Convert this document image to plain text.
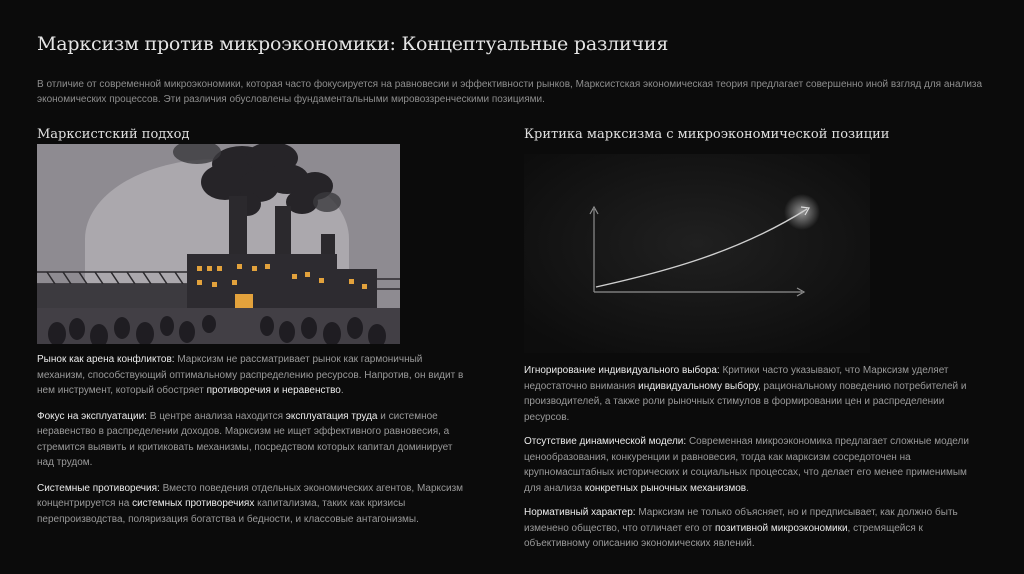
Марксизм против микроэкономики: Концептуальные различия

В отличие от современной микроэкономики, которая часто фокусируется на равновесии и эффективности рынков, Марксистская экономическая теория предлагает совершенно иной взгляд для анализа экономических процессов. Эти различия обусловлены фундаментальными мировоззренческими позициями.

Марксистский подход
Рынок как арена конфликтов: Марксизм не рассматривает рынок как гармоничный механизм, способствующий оптимальному распределению ресурсов. Напротив, он видит в нем инструмент, который обостряет противоречия и неравенство.
Фокус на эксплуатации: В центре анализа находится эксплуатация труда и системное неравенство в распределении доходов. Марксизм не ищет эффективного равновесия, а стремится выявить и критиковать механизмы, посредством которых капитал доминирует над трудом.
Системные противоречия: Вместо поведения отдельных экономических агентов, Марксизм концентрируется на системных противоречиях капитализма, таких как кризисы перепроизводства, поляризация богатства и бедности, и классовые антагонизмы.
Критика марксизма с микроэкономической позиции
Игнорирование индивидуального выбора: Критики часто указывают, что Марксизм уделяет недостаточно внимания индивидуальному выбору, рациональному поведению потребителей и производителей, а также роли рыночных стимулов в формировании цен и распределении ресурсов.
Отсутствие динамической модели: Современная микроэкономика предлагает сложные модели ценообразования, конкуренции и равновесия, тогда как марксизм сосредоточен на крупномасштабных исторических и социальных процессах, что делает его менее применимым для анализа конкретных рыночных механизмов.
Нормативный характер: Марксизм не только объясняет, но и предписывает, как должно быть изменено общество, что отличает его от позитивной микроэкономики, стремящейся к объективному описанию экономических явлений.
